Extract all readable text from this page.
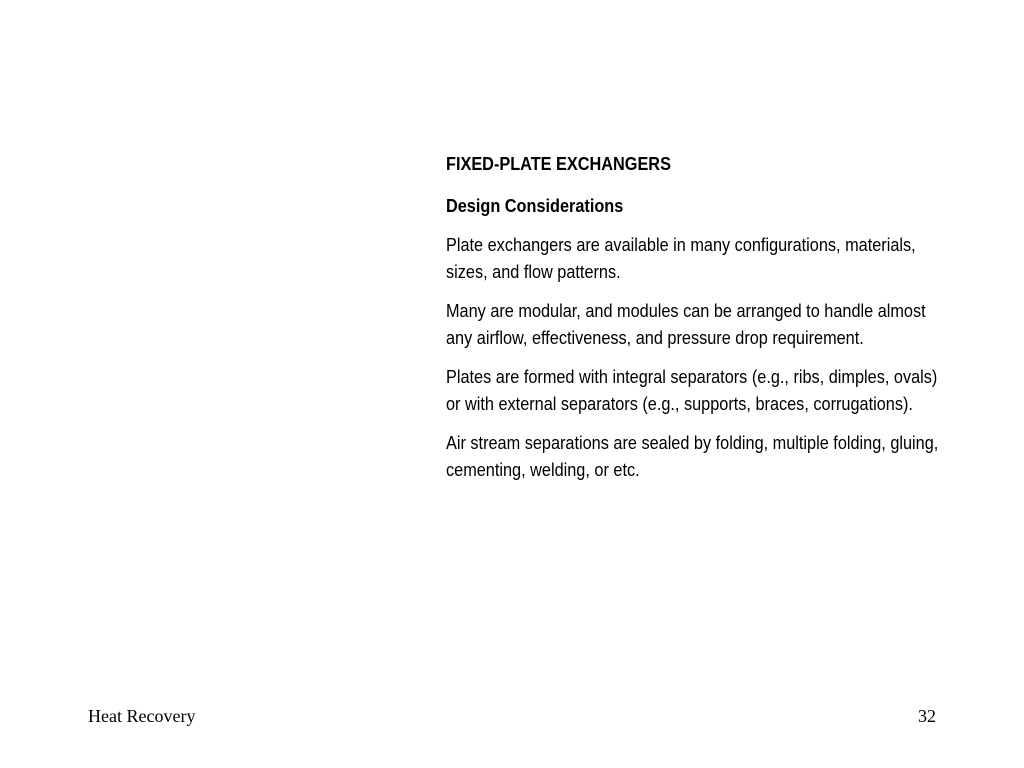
FIXED-PLATE EXCHANGERS

Design Considerations

Plate exchangers are available in many configurations, materials, sizes, and flow patterns.

Many are modular, and modules can be arranged to handle almost any airflow, effectiveness, and pressure drop requirement.

Plates are formed with integral separators (e.g., ribs, dimples, ovals) or with external separators (e.g., supports, braces, corrugations).

Air stream separations are sealed by folding, multiple folding, gluing, cementing, welding, or etc.

Heat Recovery	32
